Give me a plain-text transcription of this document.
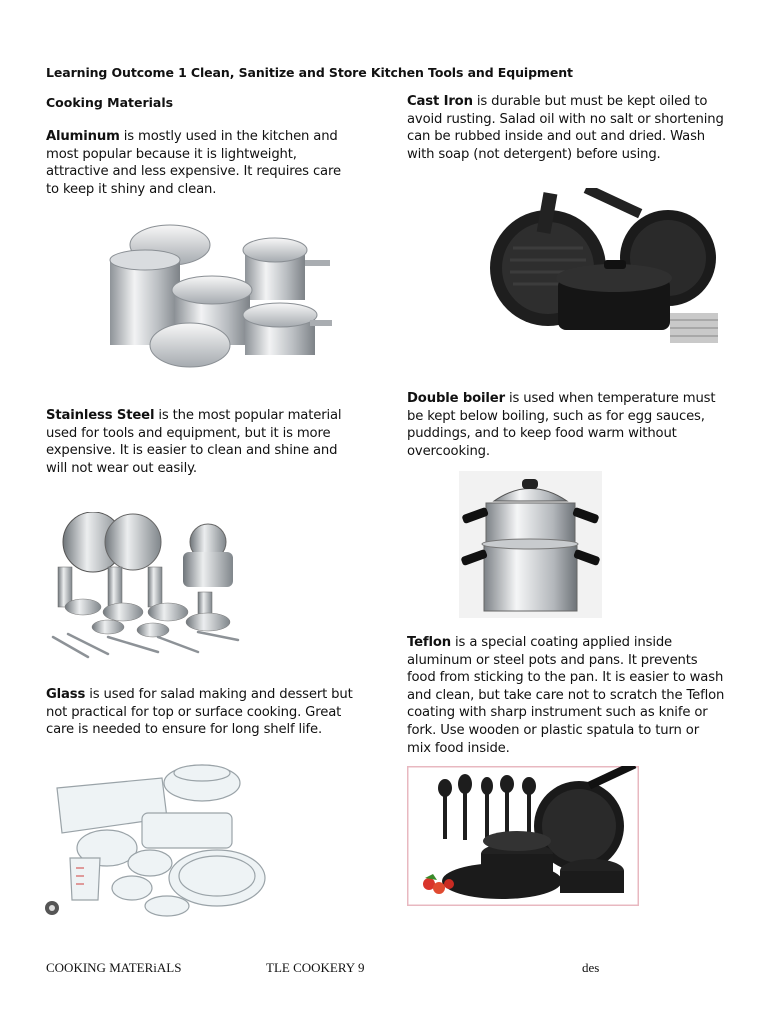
Learning Outcome 1 Clean, Sanitize and Store Kitchen Tools and Equipment
Cooking Materials
Aluminum is mostly used in the kitchen and most popular because it is lightweight, attractive and less expensive. It requires care to keep it shiny and clean.
Cast Iron is durable but must be kept oiled to avoid rusting. Salad oil with no salt or shortening can be rubbed inside and out and dried. Wash with soap (not detergent) before using.
Stainless Steel is the most popular material used for tools and equipment, but it is more expensive. It is easier to clean and shine and will not wear out easily.
Double boiler is used when temperature must be kept below boiling, such as for egg sauces, puddings, and to keep food warm without overcooking.
Teflon is a special coating applied inside aluminum or steel pots and pans. It prevents food from sticking to the pan. It is easier to wash and clean, but take care not to scratch the Teflon coating with sharp instrument such as knife or fork. Use wooden or plastic spatula to turn or mix food inside.
Glass is used for salad making and dessert but not practical for top or surface cooking. Great care is needed to ensure for long shelf life.
COOKING MATERiALS	TLE COOKERY 9	des
